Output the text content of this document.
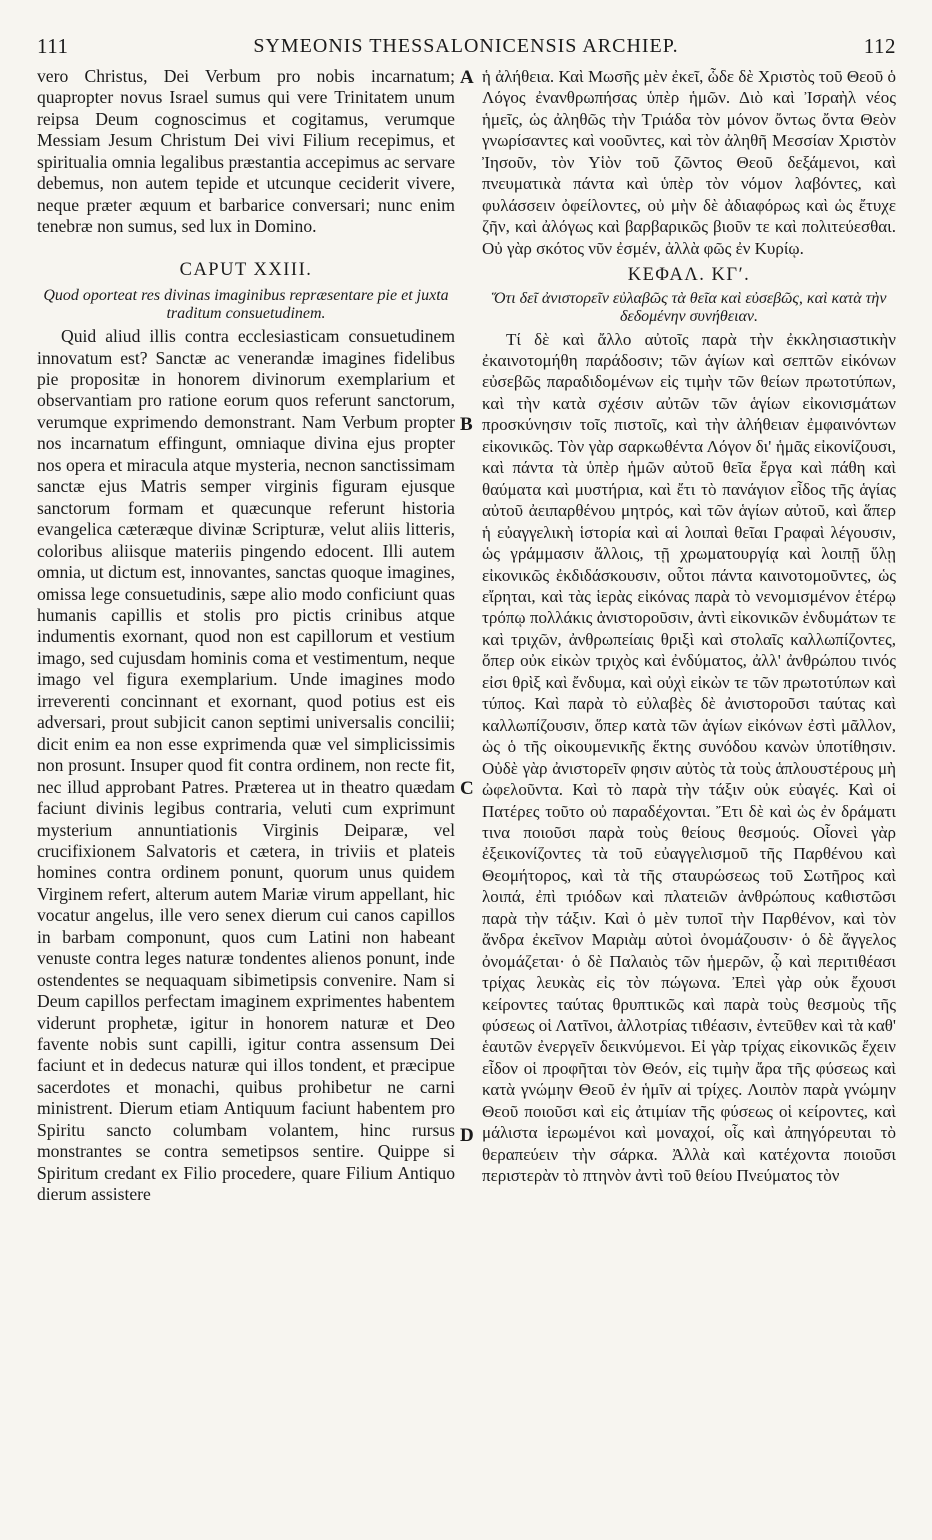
111	SYMEONIS THESSALONICENSIS ARCHIEP.	112
A
B
C
D

vero Christus, Dei Verbum pro nobis incarnatum; quapropter novus Israel sumus qui vere Trinitatem unum reipsa Deum cognoscimus et cogitamus, verumque Messiam Jesum Christum Dei vivi Filium recepimus, et spiritualia omnia legalibus præstantia accepimus ac servare debemus, non autem tepide et utcunque ceciderit vivere, neque præter æquum et barbarice conversari; nunc enim tenebræ non sumus, sed lux in Domino.

CAPUT XXIII.

Quod oporteat res divinas imaginibus repræsentare pie et juxta traditum consuetudinem.

Quid aliud illis contra ecclesiasticam consuetudinem innovatum est? Sanctæ ac venerandæ imagines fidelibus pie propositæ in honorem divinorum exemplarium et observantiam pro ratione eorum quos referunt sanctorum, verumque exprimendo demonstrant. Nam Verbum propter nos incarnatum effingunt, omniaque divina ejus propter nos opera et miracula atque mysteria, necnon sanctissimam sanctæ ejus Matris semper virginis figuram ejusque sanctorum formam et quæcunque referunt historia evangelica cæteræque divinæ Scripturæ, velut aliis litteris, coloribus aliisque materiis pingendo edocent. Illi autem omnia, ut dictum est, innovantes, sanctas quoque imagines, omissa lege consuetudinis, sæpe alio modo conficiunt quas humanis capillis et stolis pro pictis crinibus atque indumentis exornant, quod non est capillorum et vestium imago, sed cujusdam hominis coma et vestimentum, neque imago vel figura exemplarium. Unde imagines modo irreverenti concinnant et exornant, quod potius est eis adversari, prout subjicit canon septimi universalis concilii; dicit enim ea non esse exprimenda quæ vel simplicissimis non prosunt. Insuper quod fit contra ordinem, non recte fit, nec illud approbant Patres. Præterea ut in theatro quædam faciunt divinis legibus contraria, veluti cum exprimunt mysterium annuntiationis Virginis Deiparæ, vel crucifixionem Salvatoris et cætera, in triviis et plateis homines contra ordinem ponunt, quorum unus quidem Virginem refert, alterum autem Mariæ virum appellant, hic vocatur angelus, ille vero senex dierum cui canos capillos in barbam componunt, quos cum Latini non habeant venuste contra leges naturæ tondentes alienos ponunt, inde ostendentes se nequaquam sibimetipsis convenire. Nam si Deum capillos perfectam imaginem exprimentes habentem viderunt prophetæ, igitur in honorem naturæ et Deo favente nobis sunt capilli, igitur contra assensum Dei faciunt et in dedecus naturæ qui illos tondent, et præcipue sacerdotes et monachi, quibus prohibetur ne carni ministrent. Dierum etiam Antiquum faciunt habentem pro Spiritu sancto columbam volantem, hinc rursus monstrantes se contra semetipsos sentire. Quippe si Spiritum credant ex Filio procedere, quare Filium Antiquo dierum assistere

ἡ ἀλήθεια. Καὶ Μωσῆς μὲν ἐκεῖ, ὧδε δὲ Χριστὸς τοῦ Θεοῦ ὁ Λόγος ἐνανθρωπήσας ὑπὲρ ἡμῶν. Διὸ καὶ Ἰσραὴλ νέος ἡμεῖς, ὡς ἀληθῶς τὴν Τριάδα τὸν μόνον ὄντως ὄντα Θεὸν γνωρίσαντες καὶ νοοῦντες, καὶ τὸν ἀληθῆ Μεσσίαν Χριστὸν Ἰησοῦν, τὸν Υἱὸν τοῦ ζῶντος Θεοῦ δεξάμενοι, καὶ πνευματικὰ πάντα καὶ ὑπὲρ τὸν νόμον λαβόντες, καὶ φυλάσσειν ὀφείλοντες, οὐ μὴν δὲ ἀδιαφόρως καὶ ὡς ἔτυχε ζῆν, καὶ ἀλόγως καὶ βαρβαρικῶς βιοῦν τε καὶ πολιτεύεσθαι. Οὐ γὰρ σκότος νῦν ἐσμέν, ἀλλὰ φῶς ἐν Κυρίῳ.

ΚΕΦΑΛ. ΚΓʹ.

Ὅτι δεῖ ἀνιστορεῖν εὐλαβῶς τὰ θεῖα καὶ εὐσεβῶς, καὶ κατὰ τὴν δεδομένην συνήθειαν.

Τί δὲ καὶ ἄλλο αὐτοῖς παρὰ τὴν ἐκκλησιαστικὴν ἐκαινοτομήθη παράδοσιν; τῶν ἁγίων καὶ σεπτῶν εἰκόνων εὐσεβῶς παραδιδομένων εἰς τιμὴν τῶν θείων πρωτοτύπων, καὶ τὴν κατὰ σχέσιν αὐτῶν τῶν ἁγίων εἰκονισμάτων προσκύνησιν τοῖς πιστοῖς, καὶ τὴν ἀλήθειαν ἐμφαινόντων εἰκονικῶς. Τὸν γὰρ σαρκωθέντα Λόγον δι' ἡμᾶς εἰκονίζουσι, καὶ πάντα τὰ ὑπὲρ ἡμῶν αὐτοῦ θεῖα ἔργα καὶ πάθη καὶ θαύματα καὶ μυστήρια, καὶ ἔτι τὸ πανάγιον εἶδος τῆς ἁγίας αὐτοῦ ἀειπαρθένου μητρός, καὶ τῶν ἁγίων αὐτοῦ, καὶ ἅπερ ἡ εὐαγγελικὴ ἱστορία καὶ αἱ λοιπαὶ θεῖαι Γραφαὶ λέγουσιν, ὡς γράμμασιν ἄλλοις, τῇ χρωματουργίᾳ καὶ λοιπῇ ὕλῃ εἰκονικῶς ἐκδιδάσκουσιν, οὗτοι πάντα καινοτομοῦντες, ὡς εἴρηται, καὶ τὰς ἱερὰς εἰκόνας παρὰ τὸ νενομισμένον ἑτέρῳ τρόπῳ πολλάκις ἀνιστοροῦσιν, ἀντὶ εἰκονικῶν ἐνδυμάτων τε καὶ τριχῶν, ἀνθρωπείαις θριξὶ καὶ στολαῖς καλλωπίζοντες, ὅπερ οὐκ εἰκὼν τριχὸς καὶ ἐνδύματος, ἀλλ' ἀνθρώπου τινός εἰσι θρὶξ καὶ ἔνδυμα, καὶ οὐχὶ εἰκὼν τε τῶν πρωτοτύπων καὶ τύπος. Καὶ παρὰ τὸ εὐλαβὲς δὲ ἀνιστοροῦσι ταύτας καὶ καλλωπίζουσιν, ὅπερ κατὰ τῶν ἁγίων εἰκόνων ἐστὶ μᾶλλον, ὡς ὁ τῆς οἰκουμενικῆς ἕκτης συνόδου κανὼν ὑποτίθησιν. Οὐδὲ γὰρ ἀνιστορεῖν φησιν αὐτὸς τὰ τοὺς ἁπλουστέρους μὴ ὠφελοῦντα. Καὶ τὸ παρὰ τὴν τάξιν οὐκ εὐαγές. Καὶ οἱ Πατέρες τοῦτο οὐ παραδέχονται. Ἔτι δὲ καὶ ὡς ἐν δράματι τινα ποιοῦσι παρὰ τοὺς θείους θεσμούς. Οἷονεὶ γὰρ ἐξεικονίζοντες τὰ τοῦ εὐαγγελισμοῦ τῆς Παρθένου καὶ Θεομήτορος, καὶ τὰ τῆς σταυρώσεως τοῦ Σωτῆρος καὶ λοιπά, ἐπὶ τριόδων καὶ πλατειῶν ἀνθρώπους καθιστῶσι παρὰ τὴν τάξιν. Καὶ ὁ μὲν τυποῖ τὴν Παρθένον, καὶ τὸν ἄνδρα ἐκεῖνον Μαριὰμ αὐτοὶ ὀνομάζουσιν· ὁ δὲ ἄγγελος ὀνομάζεται· ὁ δὲ Παλαιὸς τῶν ἡμερῶν, ᾧ καὶ περιτιθέασι τρίχας λευκὰς εἰς τὸν πώγωνα. Ἐπεὶ γὰρ οὐκ ἔχουσι κείροντες ταύτας θρυπτικῶς καὶ παρὰ τοὺς θεσμοὺς τῆς φύσεως οἱ Λατῖνοι, ἀλλοτρίας τιθέασιν, ἐντεῦθεν καὶ τὰ καθ' ἑαυτῶν ἐνεργεῖν δεικνύμενοι. Εἰ γὰρ τρίχας εἰκονικῶς ἔχειν εἶδον οἱ προφῆται τὸν Θεόν, εἰς τιμὴν ἄρα τῆς φύσεως καὶ κατὰ γνώμην Θεοῦ ἐν ἡμῖν αἱ τρίχες. Λοιπὸν παρὰ γνώμην Θεοῦ ποιοῦσι καὶ εἰς ἀτιμίαν τῆς φύσεως οἱ κείροντες, καὶ μάλιστα ἱερωμένοι καὶ μοναχοί, οἷς καὶ ἀπηγόρευται τὸ θεραπεύειν τὴν σάρκα. Ἀλλὰ καὶ κατέχοντα ποιοῦσι περιστερὰν τὸ πτηνὸν ἀντὶ τοῦ θείου Πνεύματος τὸν
